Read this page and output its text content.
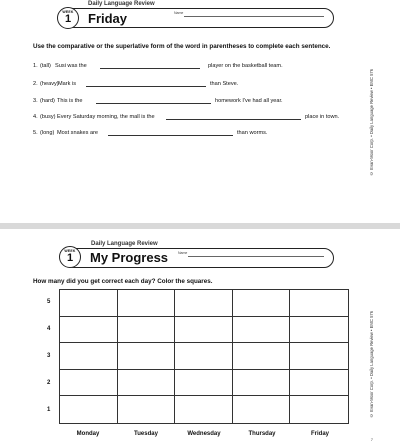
Daily Language Review
WEEK
1	Friday	Name
Use the comparative or the superlative form of the word in parentheses to complete each sentence.
1. (tall) Susi was the	player on the basketball team.
2. (heavy) Mark is	than Steve.
3. (hard) This is the	homework I've had all year.
4. (busy) Every Saturday morning, the mall is the	place in town.
5. (long) Most snakes are	than worms.	© Evan-Moor Corp. • Daily Language Review • EMC 576
Daily Language Review
WEEK
1	My Progress	Name
How many did you get correct each day? Color the squares.
5
4
3
2
1
Monday	Tuesday	Wednesday	Thursday	Friday
© Evan-Moor Corp. • Daily Language Review • EMC 576
7
